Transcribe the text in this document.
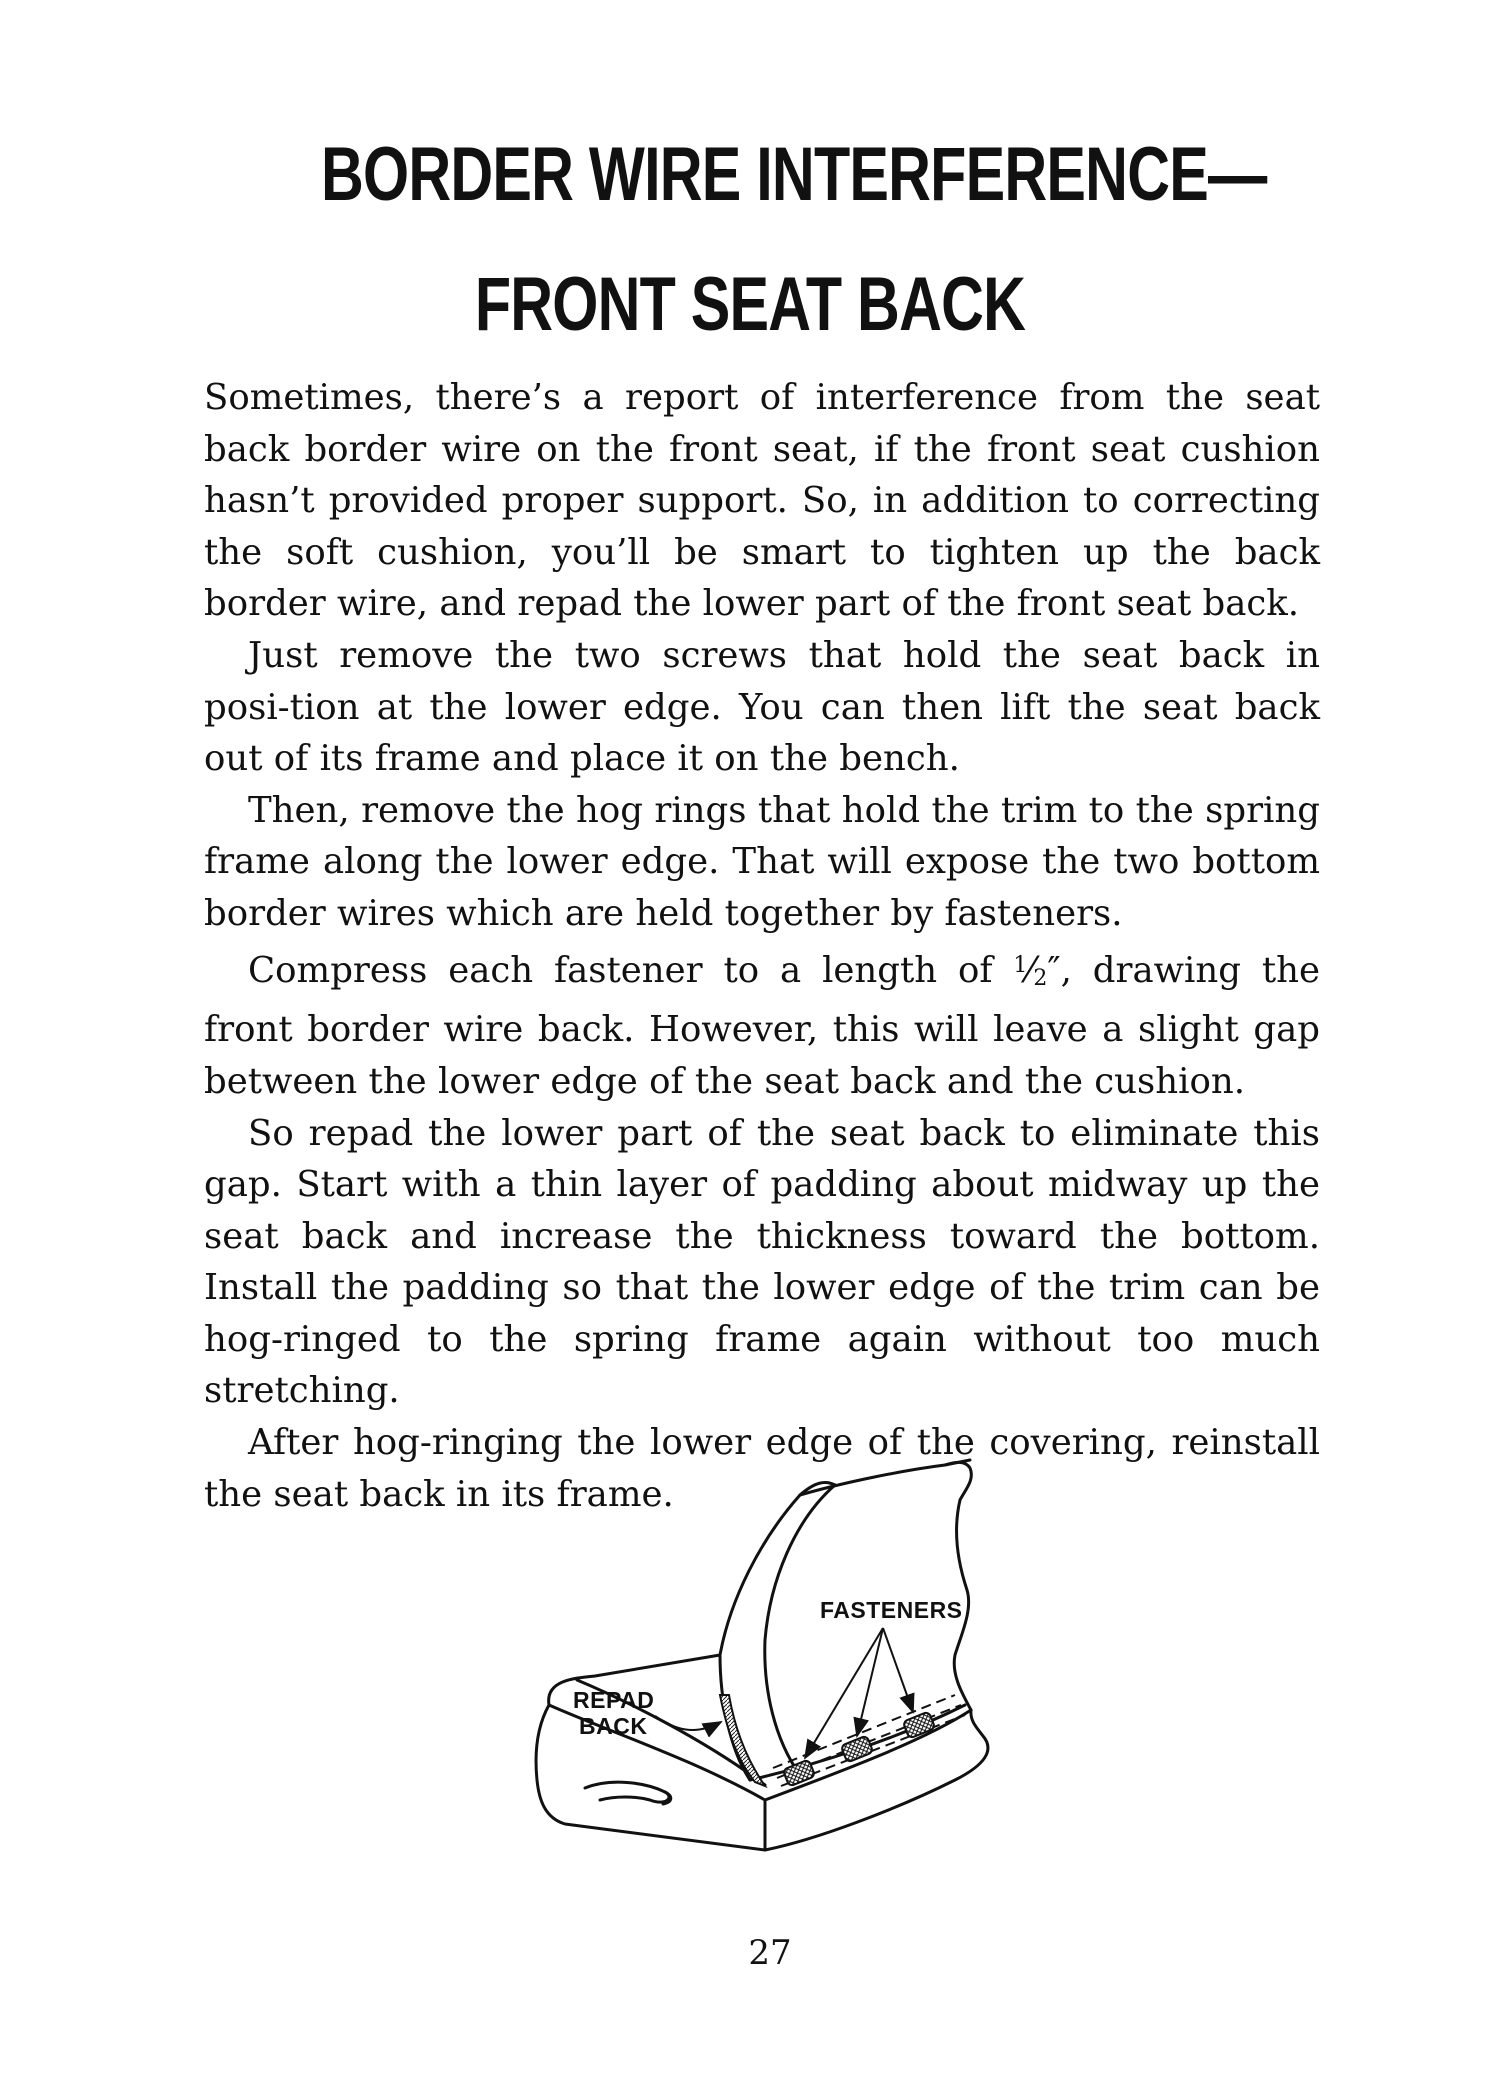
BORDER WIRE INTERFERENCE—
FRONT SEAT BACK

Sometimes, there’s a report of interference from the seat back border wire on the front seat, if the front seat cushion hasn’t provided proper support. So, in addition to correcting the soft cushion, you’ll be smart to tighten up the back border wire, and repad the lower part of the front seat back.

Just remove the two screws that hold the seat back in posi-tion at the lower edge. You can then lift the seat back out of its frame and place it on the bench.

Then, remove the hog rings that hold the trim to the spring frame along the lower edge. That will expose the two bottom border wires which are held together by fasteners.

Compress each fastener to a length of $^1$⁄2″, drawing the front border wire back. However, this will leave a slight gap between the lower edge of the seat back and the cushion.

So repad the lower part of the seat back to eliminate this gap. Start with a thin layer of padding about midway up the seat back and increase the thickness toward the bottom. Install the padding so that the lower edge of the trim can be hog-ringed to the spring frame again without too much stretching.

After hog-ringing the lower edge of the covering, reinstall the seat back in its frame.

FASTENERS
REPAD
BACK
27
